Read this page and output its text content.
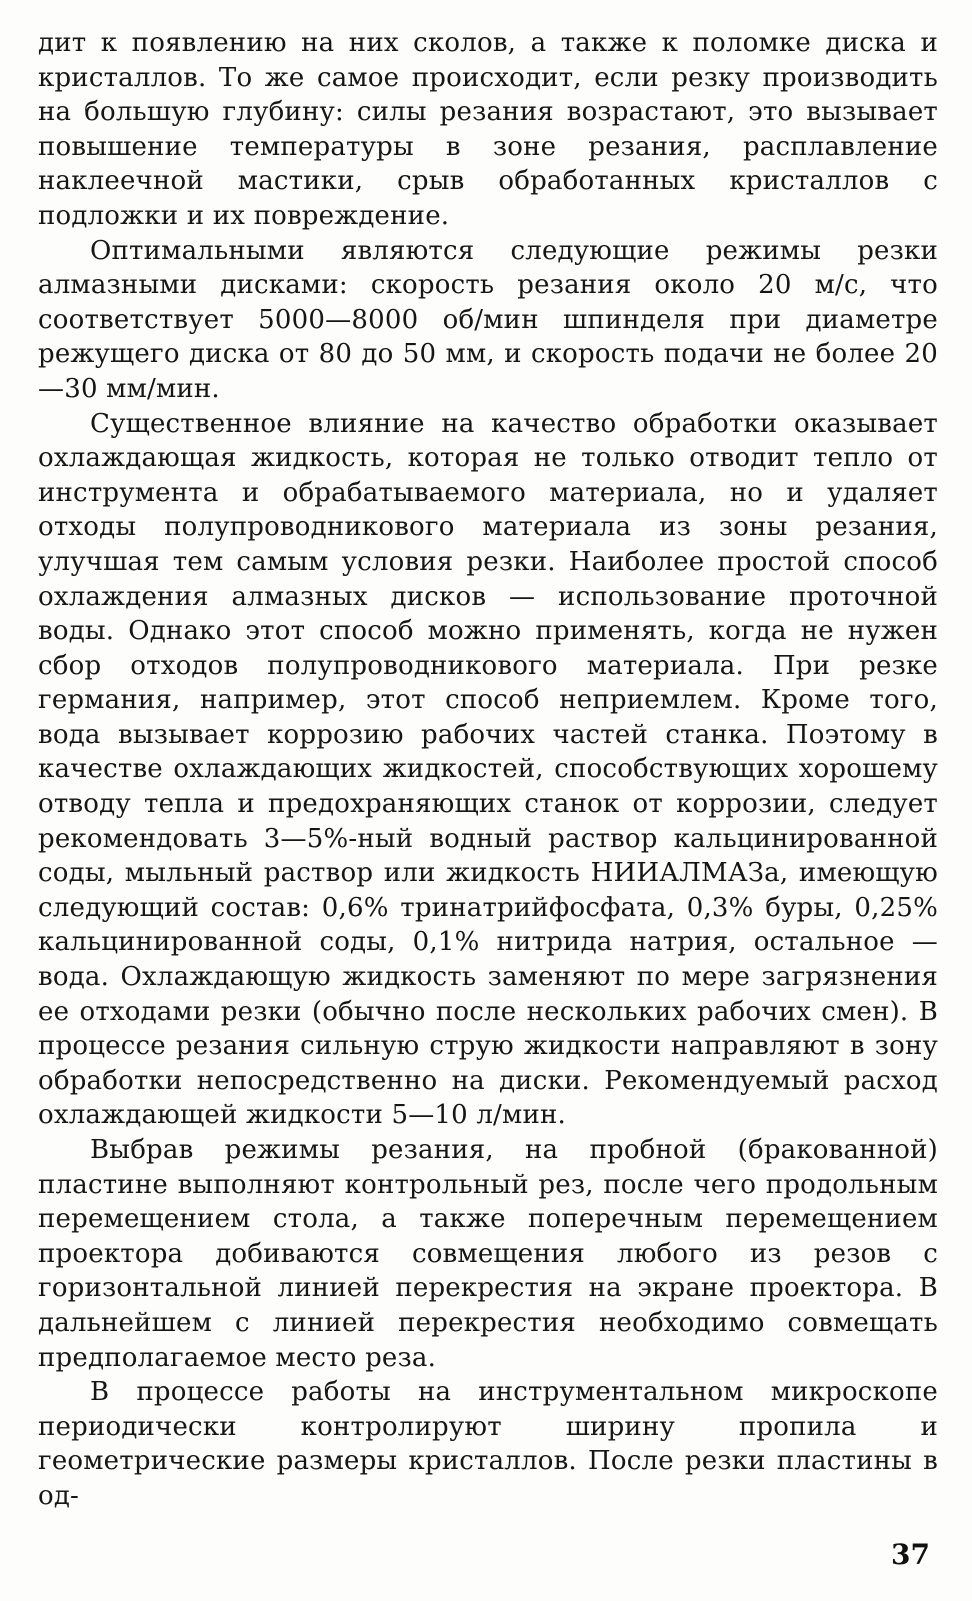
дит к появлению на них сколов, а также к поломке диска и кристаллов. То же самое происходит, если резку производить на большую глубину: силы резания возрастают, это вызывает повышение температуры в зоне резания, расплавление наклеечной мастики, срыв обработанных кристаллов с подложки и их повреждение.

Оптимальными являются следующие режимы резки алмазными дисками: скорость резания около 20 м/с, что соответствует 5000—8000 об/мин шпинделя при диаметре режущего диска от 80 до 50 мм, и скорость подачи не более 20—30 мм/мин.

Существенное влияние на качество обработки оказывает охлаждающая жидкость, которая не только отводит тепло от инструмента и обрабатываемого материала, но и удаляет отходы полупроводникового материала из зоны резания, улучшая тем самым условия резки. Наиболее простой способ охлаждения алмазных дисков — использование проточной воды. Однако этот способ можно применять, когда не нужен сбор отходов полупроводникового материала. При резке германия, например, этот способ неприемлем. Кроме того, вода вызывает коррозию рабочих частей станка. Поэтому в качестве охлаждающих жидкостей, способствующих хорошему отводу тепла и предохраняющих станок от коррозии, следует рекомендовать 3—5%-ный водный раствор кальцинированной соды, мыльный раствор или жидкость НИИАЛМАЗа, имеющую следующий состав: 0,6% тринатрийфосфата, 0,3% буры, 0,25% кальцинированной соды, 0,1% нитрида натрия, остальное — вода. Охлаждающую жидкость заменяют по мере загрязнения ее отходами резки (обычно после нескольких рабочих смен). В процессе резания сильную струю жидкости направляют в зону обработки непосредственно на диски. Рекомендуемый расход охлаждающей жидкости 5—10 л/мин.

Выбрав режимы резания, на пробной (бракованной) пластине выполняют контрольный рез, после чего продольным перемещением стола, а также поперечным перемещением проектора добиваются совмещения любого из резов с горизонтальной линией перекрестия на экране проектора. В дальнейшем с линией перекрестия необходимо совмещать предполагаемое место реза.

В процессе работы на инструментальном микроскопе периодически контролируют ширину пропила и геометрические размеры кристаллов. После резки пластины в од-

37
